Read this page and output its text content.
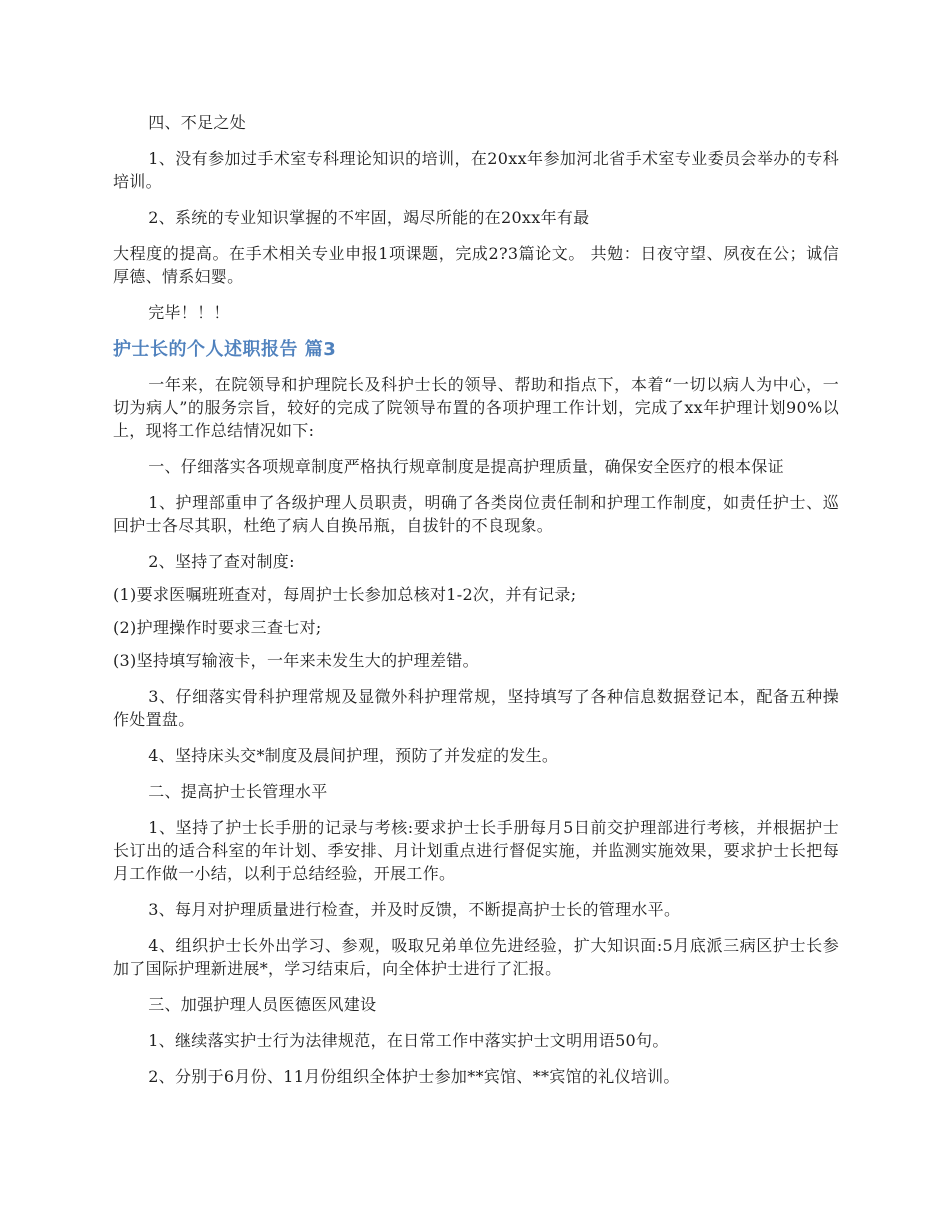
四、不足之处

1、没有参加过手术室专科理论知识的培训，在20xx年参加河北省手术室专业委员会举办的专科培训。

2、系统的专业知识掌握的不牢固，竭尽所能的在20xx年有最

大程度的提高。在手术相关专业申报1项课题，完成2?3篇论文。 共勉：日夜守望、夙夜在公；诚信厚德、情系妇婴。

完毕！！！

护士长的个人述职报告 篇3

一年来，在院领导和护理院长及科护士长的领导、帮助和指点下，本着“一切以病人为中心，一切为病人”的服务宗旨，较好的完成了院领导布置的各项护理工作计划，完成了xx年护理计划90%以上，现将工作总结情况如下:

一、仔细落实各项规章制度严格执行规章制度是提高护理质量，确保安全医疗的根本保证

1、护理部重申了各级护理人员职责，明确了各类岗位责任制和护理工作制度，如责任护士、巡回护士各尽其职，杜绝了病人自换吊瓶，自拔针的不良现象。

2、坚持了查对制度:

(1)要求医嘱班班查对，每周护士长参加总核对1-2次，并有记录;

(2)护理操作时要求三查七对;

(3)坚持填写输液卡，一年来未发生大的护理差错。

3、仔细落实骨科护理常规及显微外科护理常规，坚持填写了各种信息数据登记本，配备五种操作处置盘。

4、坚持床头交*制度及晨间护理，预防了并发症的发生。

二、提高护士长管理水平

1、坚持了护士长手册的记录与考核:要求护士长手册每月5日前交护理部进行考核，并根据护士长订出的适合科室的年计划、季安排、月计划重点进行督促实施，并监测实施效果，要求护士长把每月工作做一小结，以利于总结经验，开展工作。

3、每月对护理质量进行检查，并及时反馈，不断提高护士长的管理水平。

4、组织护士长外出学习、参观，吸取兄弟单位先进经验，扩大知识面:5月底派三病区护士长参加了国际护理新进展*，学习结束后，向全体护士进行了汇报。

三、加强护理人员医德医风建设

1、继续落实护士行为法律规范，在日常工作中落实护士文明用语50句。

2、分别于6月份、11月份组织全体护士参加**宾馆、**宾馆的礼仪培训。
